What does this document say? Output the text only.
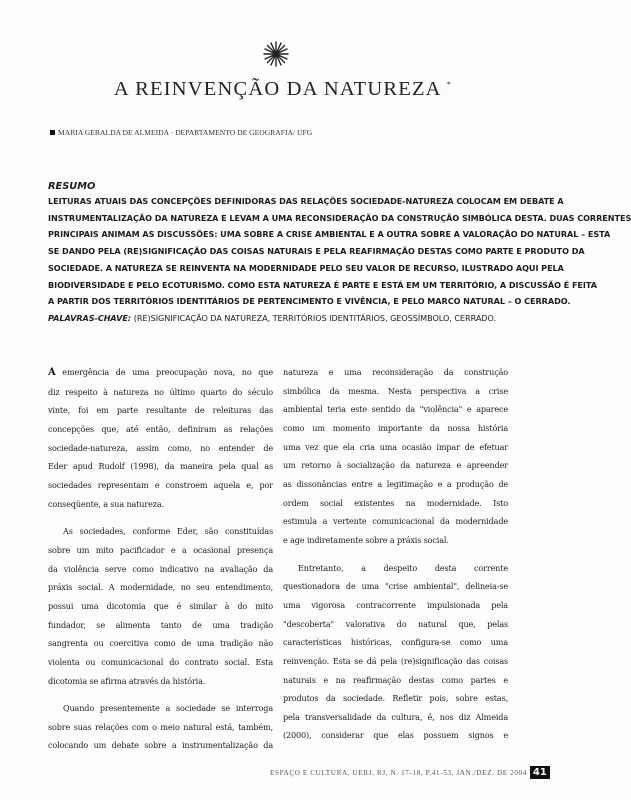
A REINVENÇÃO DA NATUREZA *
MARIA GERALDA DE ALMEIDA · DEPARTAMENTO DE GEOGRAFIA/ UFG
RESUMO
LEITURAS ATUAIS DAS CONCEPÇÕES DEFINIDORAS DAS RELAÇÕES SOCIEDADE-NATUREZA COLOCAM EM DEBATE A
INSTRUMENTALIZAÇÃO DA NATUREZA E LEVAM A UMA RECONSIDERAÇÃO DA CONSTRUÇÃO SIMBÓLICA DESTA. DUAS CORRENTES
PRINCIPAIS ANIMAM AS DISCUSSÕES: UMA SOBRE A CRISE AMBIENTAL E A OUTRA SOBRE A VALORAÇÃO DO NATURAL – ESTA
SE DANDO PELA (RE)SIGNIFICAÇÃO DAS COISAS NATURAIS E PELA REAFIRMAÇÃO DESTAS COMO PARTE E PRODUTO DA
SOCIEDADE. A NATUREZA SE REINVENTA NA MODERNIDADE PELO SEU VALOR DE RECURSO, ILUSTRADO AQUI PELA
BIODIVERSIDADE E PELO ECOTURISMO. COMO ESTA NATUREZA É PARTE E ESTÁ EM UM TERRITÓRIO, A DISCUSSÃO É FEITA
A PARTIR DOS TERRITÓRIOS IDENTITÁRIOS DE PERTENCIMENTO E VIVÊNCIA, E PELO MARCO NATURAL – O CERRADO.
PALAVRAS-CHAVE: (RE)SIGNIFICAÇÃO DA NATUREZA, TERRITÓRIOS IDENTITÁRIOS, GEOSSÍMBOLO, CERRADO.
A emergência de uma preocupação nova, no que
diz respeito à natureza no último quarto do século
vinte, foi em parte resultante de releituras das
concepções que, até então, definiram as relações
sociedade-natureza, assim como, no entender de
Eder apud Rudolf (1998), da maneira pela qual as
sociedades representam e constroem aquela e, por
conseqüente, a sua natureza.
As sociedades, conforme Eder, são constituídas
sobre um mito pacificador e a ocasional presença
da violência serve como indicativo na avaliação da
práxis social. A modernidade, no seu entendimento,
possui uma dicotomia que é similar à do mito
fundador, se alimenta tanto de uma tradição
sangrenta ou coercitiva como de uma tradição não
violenta ou comunicacional do contrato social. Esta
dicotomia se afirma através da história.
Quando presentemente a sociedade se interroga
sobre suas relações com o meio natural está, também,
colocando um debate sobre a instrumentalização da
natureza e uma reconsideração da construção
simbólica da mesma. Nesta perspectiva a crise
ambiental teria este sentido da "violência" e aparece
como um momento importante da nossa história
uma vez que ela cria uma ocasião ímpar de efetuar
um retorno à socialização da natureza e apreender
as dissonâncias entre a legitimação e a produção de
ordem social existentes na modernidade. Isto
estimula a vertente comunicacional da modernidade
e age indiretamente sobre a práxis social.
Entretanto, a despeito desta corrente
questionadora de uma "crise ambiental", delineia-se
uma vigorosa contracorrente impulsionada pela
"descoberta" valorativa do natural que, pelas
características históricas, configura-se como uma
reinvenção. Esta se dá pela (re)significação das coisas
naturais e na reafirmação destas como partes e
produtos da sociedade. Refletir pois, sobre estas,
pela transversalidade da cultura, é, nos diz Almeida
(2000), considerar que elas possuem signos e
ESPAÇO E CULTURA, UERJ, RJ, N. 17-18, P.41-53, JAN./DEZ. DE 2004 41
